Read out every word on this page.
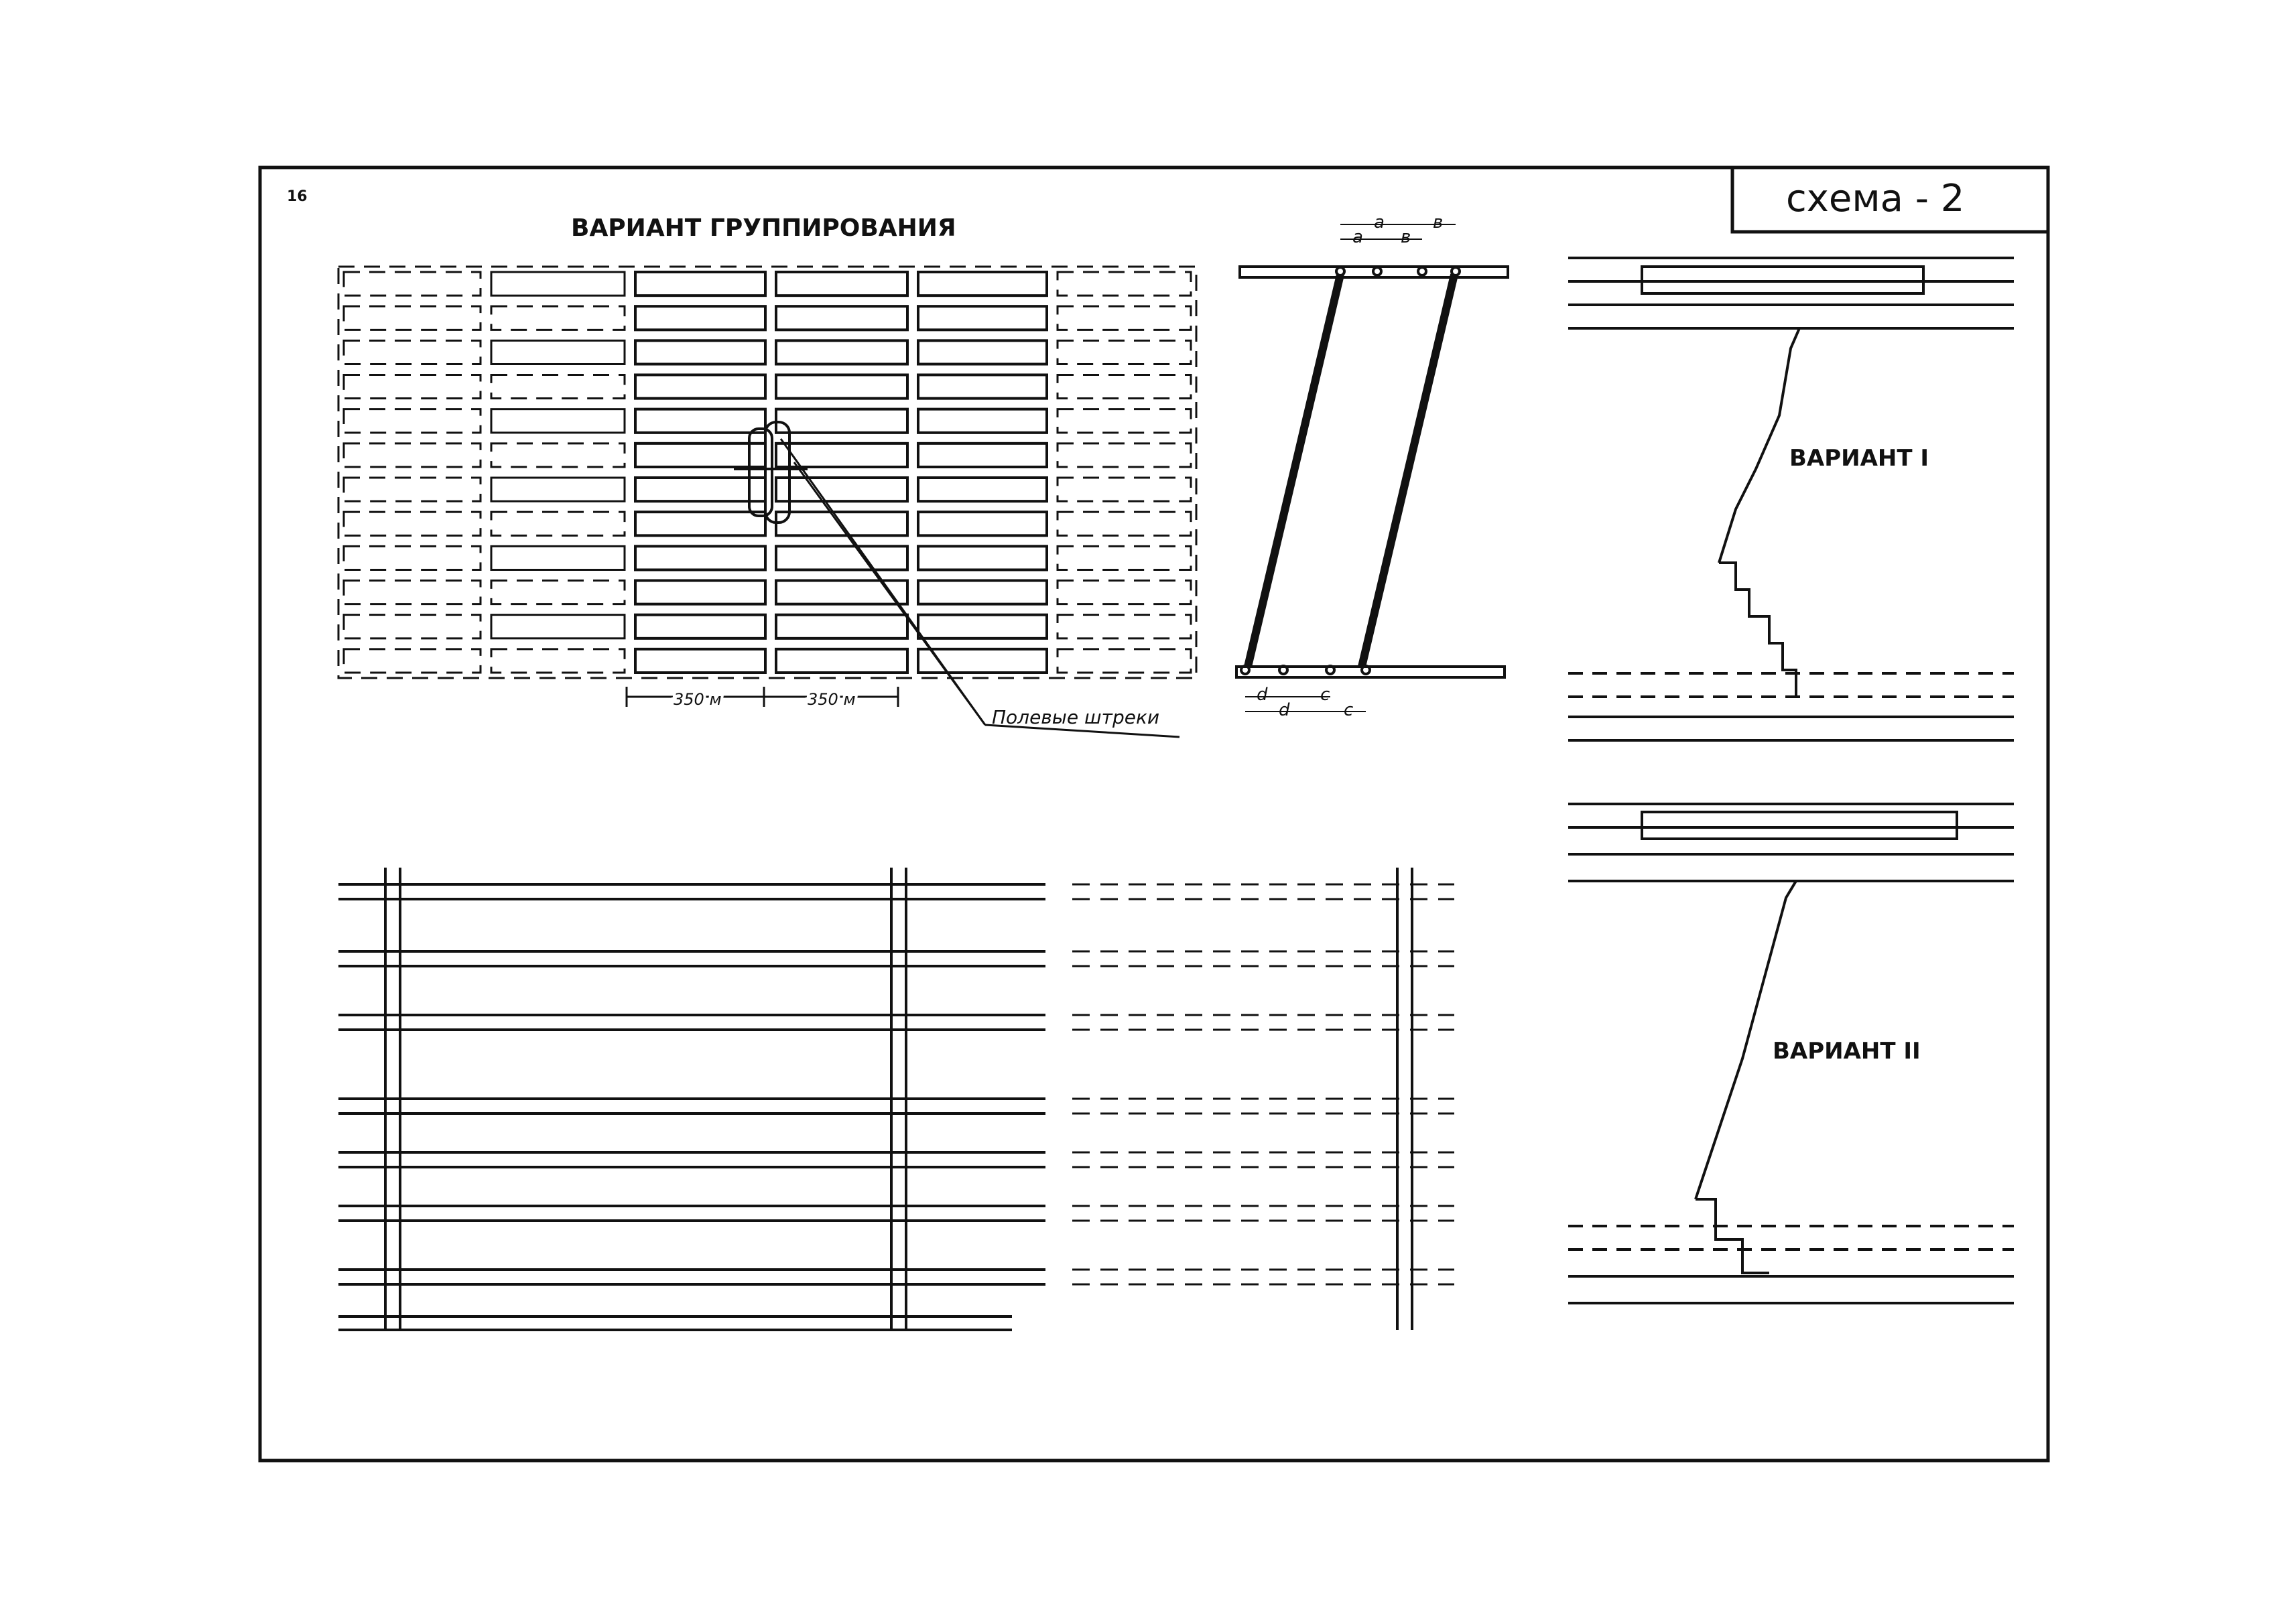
16	схема - 2
ВАРИАНТ ГРУППИРОВАНИЯ
Полевые штреки
350 м	350 м
a	в
a в
d	c
d	c
ВАРИАНТ I
ВАРИАНТ II
